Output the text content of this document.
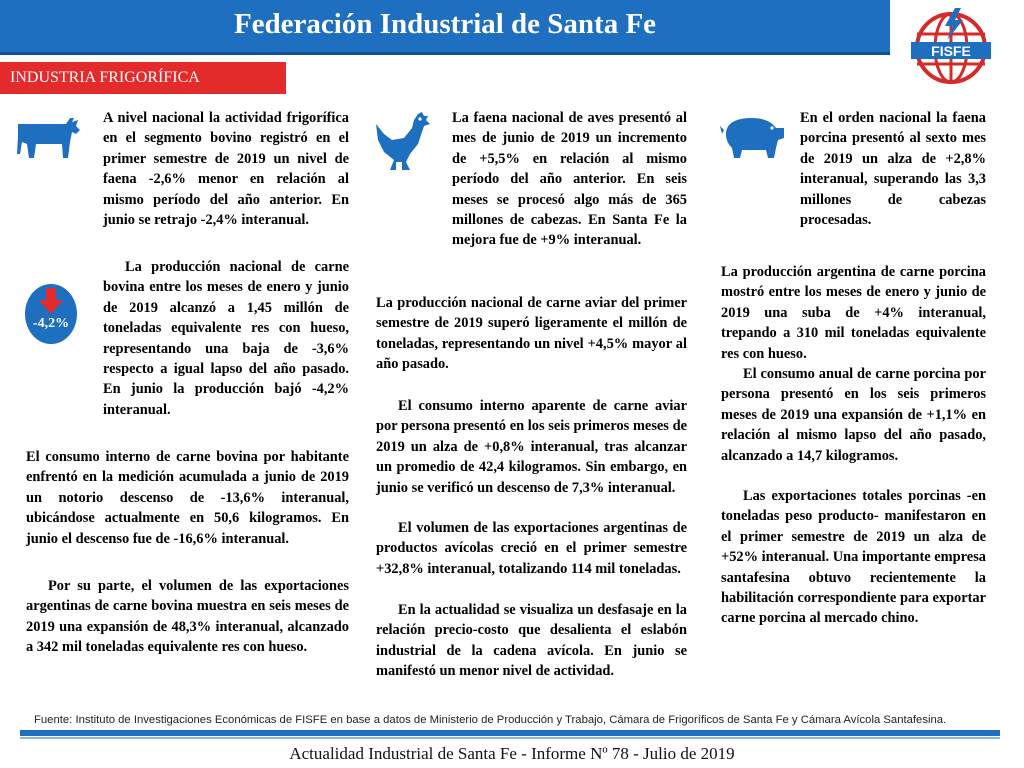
Federación Industrial de Santa Fe
FISFE
INDUSTRIA FRIGORÍFICA
A nivel nacional la actividad frigorífica en el segmento bovino registró en el primer semestre de 2019 un nivel de faena -2,6% menor en relación al mismo período del año anterior. En junio se retrajo -2,4% interanual.
La producción nacional de carne bovina entre los meses de enero y junio de 2019 alcanzó a 1,45 millón de toneladas equivalente res con hueso, representando una baja de -3,6% respecto a igual lapso del año pasado. En junio la producción bajó -4,2% interanual.
-4,2%
El consumo interno de carne bovina por habitante enfrentó en la medición acumulada a junio de 2019 un notorio descenso de -13,6% interanual, ubicándose actualmente en 50,6 kilogramos. En junio el descenso fue de -16,6% interanual.
Por su parte, el volumen de las exportaciones argentinas de carne bovina muestra en seis meses de 2019 una expansión de 48,3% interanual, alcanzado a 342 mil toneladas equivalente res con hueso.
La faena nacional de aves presentó al mes de junio de 2019 un incremento de +5,5% en relación al mismo período del año anterior. En seis meses se procesó algo más de 365 millones de cabezas. En Santa Fe la mejora fue de +9% interanual.
La producción nacional de carne aviar del primer semestre de 2019 superó ligeramente el millón de toneladas, representando un nivel +4,5% mayor al año pasado.
El consumo interno aparente de carne aviar por persona presentó en los seis primeros meses de 2019 un alza de +0,8% interanual, tras alcanzar un promedio de 42,4 kilogramos. Sin embargo, en junio se verificó un descenso de 7,3% interanual.
El volumen de las exportaciones argentinas de productos avícolas creció en el primer semestre +32,8% interanual, totalizando 114 mil toneladas.
En la actualidad se visualiza un desfasaje en la relación precio-costo que desalienta el eslabón industrial de la cadena avícola. En junio se manifestó un menor nivel de actividad.
En el orden nacional la faena porcina presentó al sexto mes de 2019 un alza de +2,8% interanual, superando las 3,3 millones de cabezas procesadas.
La producción argentina de carne porcina mostró entre los meses de enero y junio de 2019 una suba de +4% interanual, trepando a 310 mil toneladas equivalente res con hueso.
El consumo anual de carne porcina por persona presentó en los seis primeros meses de 2019 una expansión de +1,1% en relación al mismo lapso del año pasado, alcanzado a 14,7 kilogramos.
Las exportaciones totales porcinas -en toneladas peso producto- manifestaron en el primer semestre de 2019 un alza de +52% interanual. Una importante empresa santafesina obtuvo recientemente la habilitación correspondiente para exportar carne porcina al mercado chino.
Fuente: Instituto de Investigaciones Económicas de FISFE en base a datos de Ministerio de Producción y Trabajo, Cámara de Frigoríficos de Santa Fe y Cámara Avícola Santafesina.
Actualidad Industrial de Santa Fe - Informe Nº 78 - Julio de 2019
